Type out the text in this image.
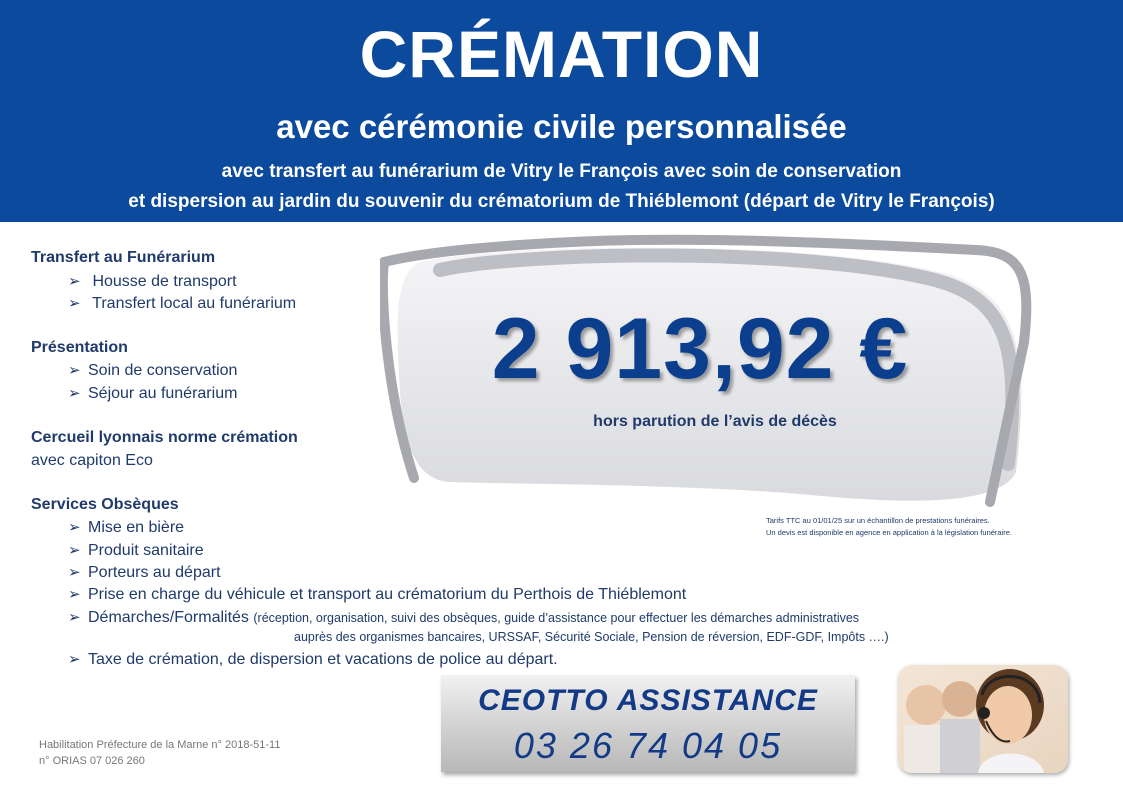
CRÉMATION
avec cérémonie civile personnalisée
avec transfert au funérarium de Vitry le François avec soin de conservation
et dispersion au jardin du souvenir du crématorium de Thiéblemont (départ de Vitry le François)
Transfert au Funérarium
➢ Housse de transport
➢ Transfert local au funérarium
Présentation
➢ Soin de conservation
➢ Séjour au funérarium
Cercueil lyonnais norme crémation
avec capiton Eco
Services Obsèques
➢ Mise en bière
➢ Produit sanitaire
➢ Porteurs au départ
➢ Prise en charge du véhicule et transport au crématorium du Perthois de Thiéblemont
➢ Démarches/Formalités (réception, organisation, suivi des obsèques, guide d’assistance pour effectuer les démarches administratives
auprès des organismes bancaires, URSSAF, Sécurité Sociale, Pension de réversion, EDF-GDF, Impôts ….)
➢ Taxe de crémation, de dispersion et vacations de police au départ.
2 913,92 €
hors parution de l’avis de décès
Tarifs TTC au 01/01/25 sur un échantillon de prestations funéraires.
Un devis est disponible en agence en application à la législation funéraire.
CEOTTO ASSISTANCE
03 26 74 04 05
Habilitation Préfecture de la Marne n° 2018-51-11
n° ORIAS 07 026 260
